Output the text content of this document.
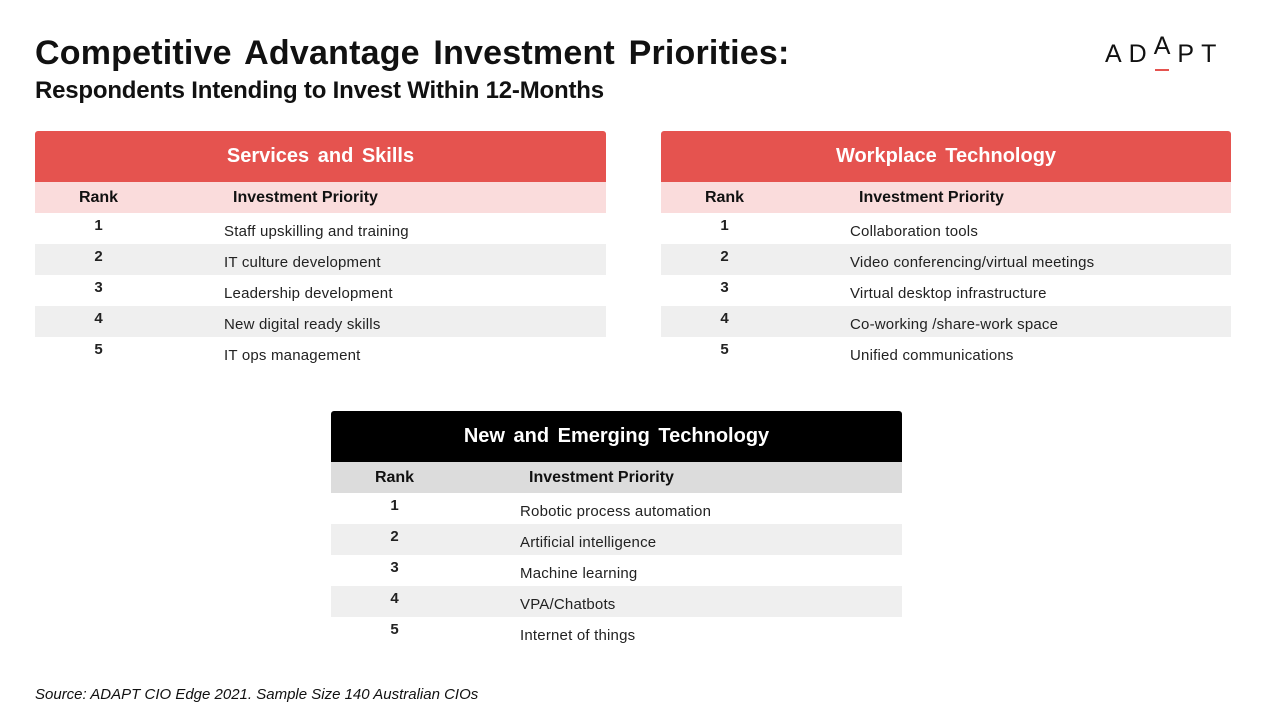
Competitive Advantage Investment Priorities:
Respondents Intending to Invest Within 12-Months
ADAPT
Services and Skills
Rank	Investment Priority
1	Staff upskilling and training
2	IT culture development
3	Leadership development
4	New digital ready skills
5	IT ops management
Workplace Technology
Rank	Investment Priority
1	Collaboration tools
2	Video conferencing/virtual meetings
3	Virtual desktop infrastructure
4	Co-working /share-work space
5	Unified communications
New and Emerging Technology
Rank	Investment Priority
1	Robotic process automation
2	Artificial intelligence
3	Machine learning
4	VPA/Chatbots
5	Internet of things
Source: ADAPT CIO Edge 2021. Sample Size 140 Australian CIOs
